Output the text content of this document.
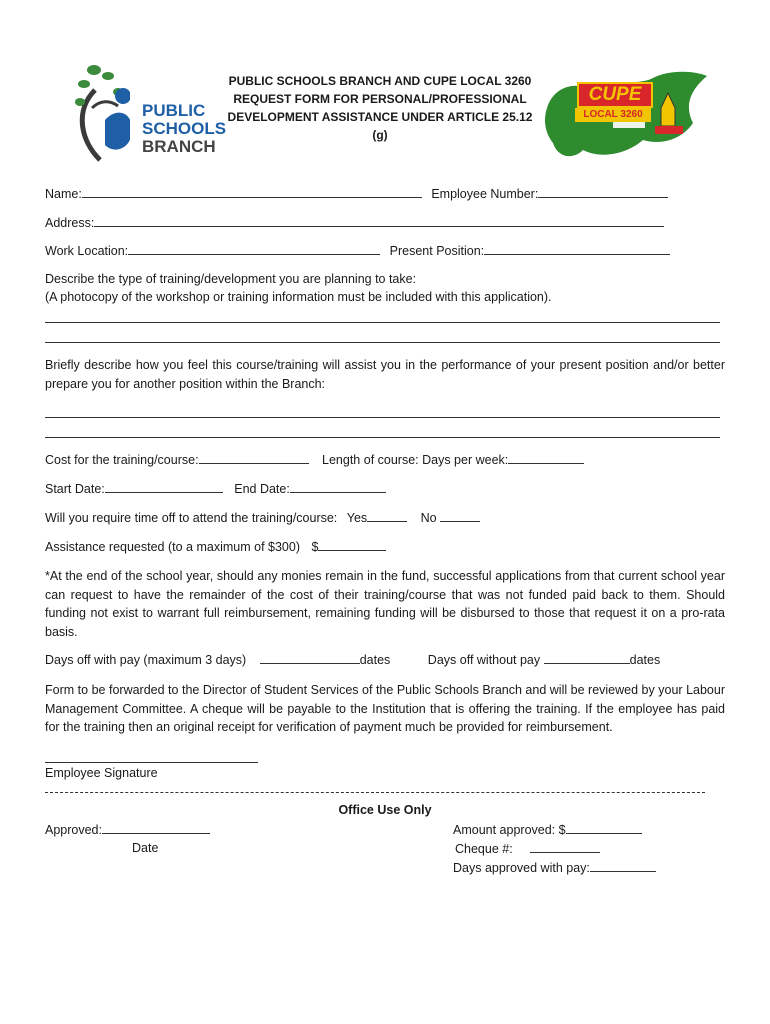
PUBLIC
SCHOOLS
BRANCH
PUBLIC SCHOOLS BRANCH AND CUPE LOCAL 3260
REQUEST FORM FOR PERSONAL/PROFESSIONAL
DEVELOPMENT ASSISTANCE UNDER ARTICLE 25.12
(g)
CUPE
LOCAL 3260
Name:	Employee Number:
Address:
Work Location:	Present Position:
Describe the type of training/development you are planning to take:
(A photocopy of the workshop or training information must be included with this application).
Briefly describe how you feel this course/training will assist you in the performance of your present position and/or better prepare you for another position within the Branch:
Cost for the training/course:	Length of course: Days per week:
Start Date:	End Date:
Will you require time off to attend the training/course: Yes	No
Assistance requested (to a maximum of $300) $
*At the end of the school year, should any monies remain in the fund, successful applications from that current school year can request to have the remainder of the cost of their training/course that was not funded paid back to them. Should funding not exist to warrant full reimbursement, remaining funding will be disbursed to those that request it on a pro-rata basis.
Days off with pay (maximum 3 days)	dates	Days off without pay	dates
Form to be forwarded to the Director of Student Services of the Public Schools Branch and will be reviewed by your Labour Management Committee. A cheque will be payable to the Institution that is offering the training. If the employee has paid for the training then an original receipt for verification of payment much be provided for reimbursement.
Employee Signature
Office Use Only
Approved:
Date
Amount approved: $
Cheque #:
Days approved with pay:
